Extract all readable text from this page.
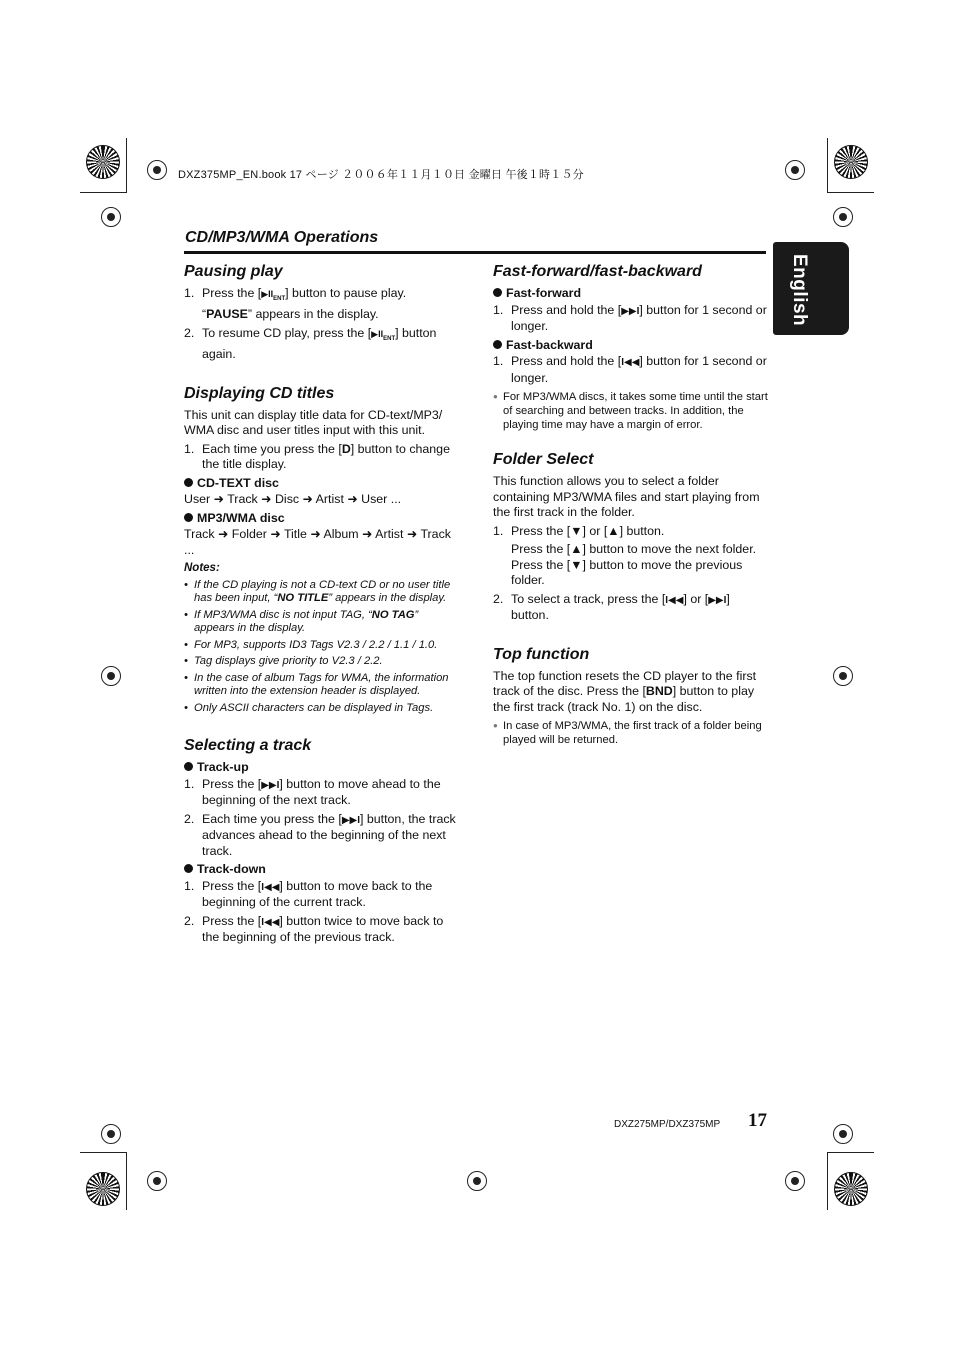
DXZ375MP_EN.book 17 ページ ２００６年１１月１０日 金曜日 午後１時１５分
CD/MP3/WMA Operations
English
Pausing play
1. Press the $[▶II_{ENT}]$ button to pause play.
“PAUSE” appears in the display.
2. To resume CD play, press the $[▶II_{ENT}]$ button again.
Displaying CD titles

This unit can display title data for CD-text/MP3/ WMA disc and user titles input with this unit.

1. Each time you press the [D] button to change the title display.
CD-TEXT disc

User ➜ Track ➜ Disc ➜ Artist ➜ User ...

MP3/WMA disc

Track ➜ Folder ➜ Title ➜ Album ➜ Artist ➜ Track ...

Notes:
• If the CD playing is not a CD-text CD or no user title has been input, “NO TITLE” appears in the display.
• If MP3/WMA disc is not input TAG, “NO TAG” appears in the display.
• For MP3, supports ID3 Tags V2.3 / 2.2 / 1.1 / 1.0.
• Tag displays give priority to V2.3 / 2.2.
• In the case of album Tags for WMA, the information written into the extension header is displayed.
• Only ASCII characters can be displayed in Tags.
Selecting a track
Track-up
1. Press the [▶▶I] button to move ahead to the beginning of the next track.
2. Each time you press the [▶▶I] button, the track advances ahead to the beginning of the next track.
Track-down
1. Press the [I◀◀] button to move back to the beginning of the current track.
2. Press the [I◀◀] button twice to move back to the beginning of the previous track.
Fast-forward/fast-backward
Fast-forward
1. Press and hold the [▶▶I] button for 1 second or longer.
Fast-backward
1. Press and hold the [I◀◀] button for 1 second or longer.
● For MP3/WMA discs, it takes some time until the start of searching and between tracks. In addition, the playing time may have a margin of error.
Folder Select

This function allows you to select a folder containing MP3/WMA files and start playing from the first track in the folder.

1. Press the [▼] or [▲] button.

Press the [▲] button to move the next folder. Press the [▼] button to move the previous folder.
2. To select a track, press the [I◀◀] or [▶▶I] button.
Top function

The top function resets the CD player to the first track of the disc. Press the [BND] button to play the first track (track No. 1) on the disc.

● In case of MP3/WMA, the first track of a folder being played will be returned.
DXZ275MP/DXZ375MP 17
